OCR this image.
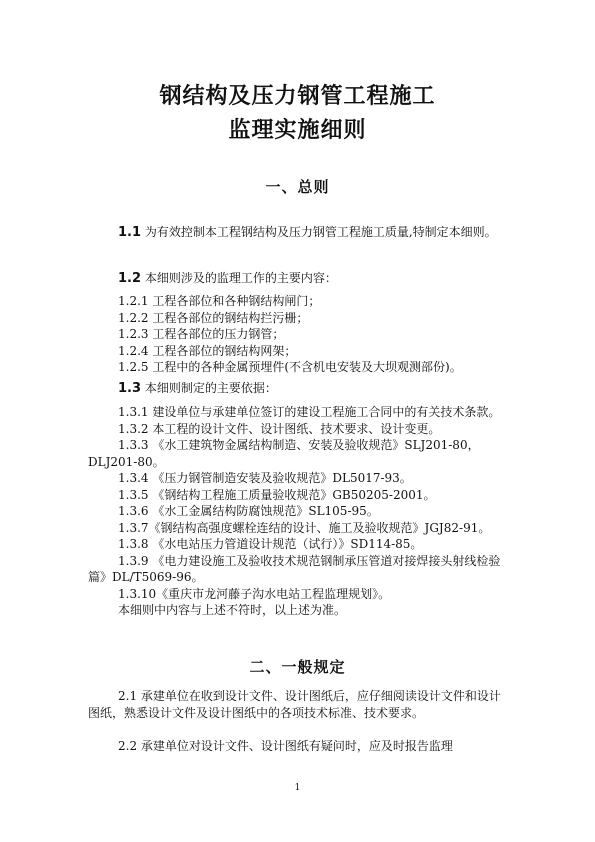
钢结构及压力钢管工程施工
监理实施细则
一、总则

1.1 为有效控制本工程钢结构及压力钢管工程施工质量,特制定本细则。

1.2 本细则涉及的监理工作的主要内容：

1.2.1 工程各部位和各种钢结构闸门；
1.2.2 工程各部位的钢结构拦污栅；
1.2.3 工程各部位的压力钢管；
1.2.4 工程各部位的钢结构网架；
1.2.5 工程中的各种金属预埋件(不含机电安装及大坝观测部份)。

1.3 本细则制定的主要依据：

1.3.1 建设单位与承建单位签订的建设工程施工合同中的有关技术条款。
1.3.2 本工程的设计文件、设计图纸、技术要求、设计变更。
1.3.3 《水工建筑物金属结构制造、安装及验收规范》SLJ201-80，DLJ201-80。
1.3.4 《压力钢管制造安装及验收规范》DL5017-93。
1.3.5 《钢结构工程施工质量验收规范》GB50205-2001。
1.3.6 《水工金属结构防腐蚀规范》SL105-95。
1.3.7《钢结构高强度螺栓连结的设计、施工及验收规范》JGJ82-91。
1.3.8 《水电站压力管道设计规范（试行）》SD114-85。
1.3.9 《电力建设施工及验收技术规范钢制承压管道对接焊接头射线检验篇》DL/T5069-96。
1.3.10《重庆市龙河藤子沟水电站工程监理规划》。
本细则中内容与上述不符时，以上述为准。
二、一般规定

2.1 承建单位在收到设计文件、设计图纸后，应仔细阅读设计文件和设计图纸，熟悉设计文件及设计图纸中的各项技术标准、技术要求。

2.2 承建单位对设计文件、设计图纸有疑问时，应及时报告监理

1
